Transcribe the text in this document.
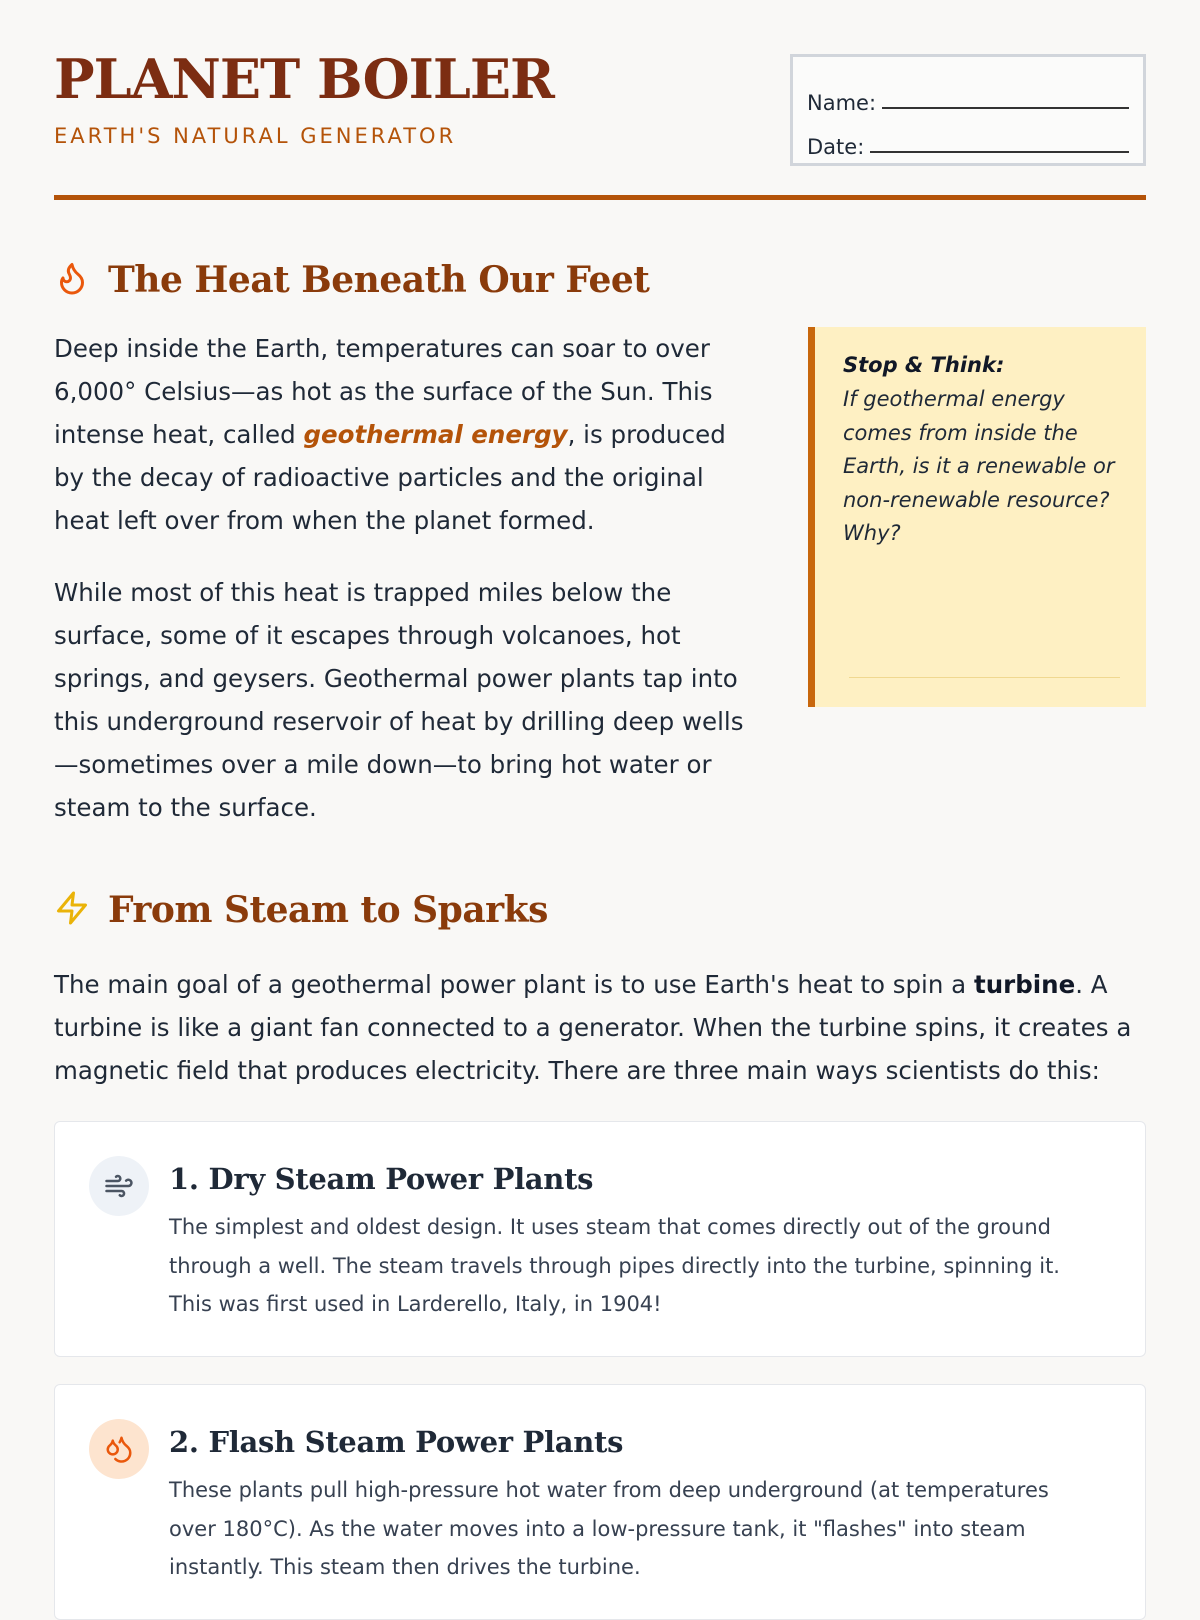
PLANET BOILER
EARTH'S NATURAL GENERATOR
Name:
Date:
The Heat Beneath Our Feet

Deep inside the Earth, temperatures can soar to over 6,000° Celsius—as hot as the surface of the Sun. This intense heat, called geothermal energy, is produced by the decay of radioactive particles and the original heat left over from when the planet formed.

While most of this heat is trapped miles below the surface, some of it escapes through volcanoes, hot springs, and geysers. Geothermal power plants tap into this underground reservoir of heat by drilling deep wells—sometimes over a mile down—to bring hot water or steam to the surface.

Stop & Think:
If geothermal energy comes from inside the Earth, is it a renewable or non-renewable resource? Why?
From Steam to Sparks

The main goal of a geothermal power plant is to use Earth's heat to spin a turbine. A turbine is like a giant fan connected to a generator. When the turbine spins, it creates a magnetic field that produces electricity. There are three main ways scientists do this:

1. Dry Steam Power Plants

The simplest and oldest design. It uses steam that comes directly out of the ground through a well. The steam travels through pipes directly into the turbine, spinning it. This was first used in Larderello, Italy, in 1904!

2. Flash Steam Power Plants

These plants pull high-pressure hot water from deep underground (at temperatures over 180°C). As the water moves into a low-pressure tank, it "flashes" into steam instantly. This steam then drives the turbine.
